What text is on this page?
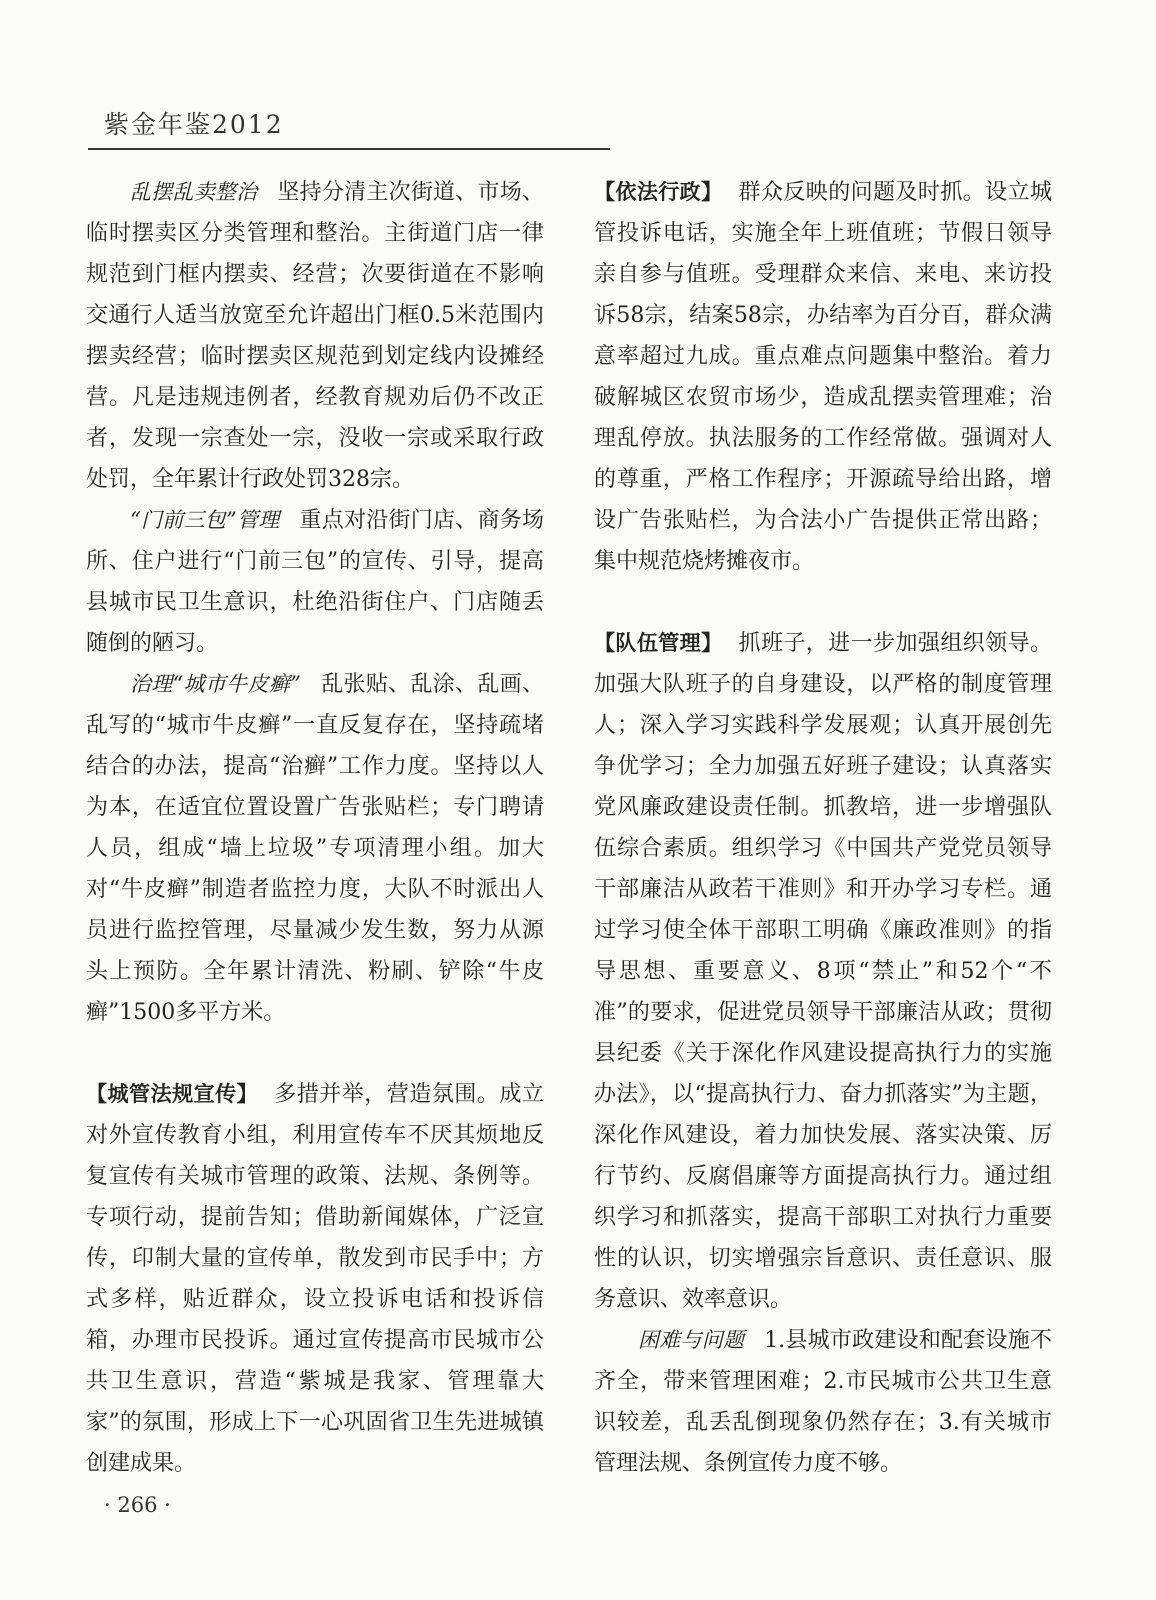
紫金年鉴2012

乱摆乱卖整治 坚持分清主次街道、市场、临时摆卖区分类管理和整治。主街道门店一律规范到门框内摆卖、经营；次要街道在不影响交通行人适当放宽至允许超出门框0.5米范围内摆卖经营；临时摆卖区规范到划定线内设摊经营。凡是违规违例者，经教育规劝后仍不改正者，发现一宗查处一宗，没收一宗或采取行政处罚，全年累计行政处罚328宗。

“门前三包”管理 重点对沿街门店、商务场所、住户进行“门前三包”的宣传、引导，提高县城市民卫生意识，杜绝沿街住户、门店随丢随倒的陋习。

治理“城市牛皮癣” 乱张贴、乱涂、乱画、乱写的“城市牛皮癣”一直反复存在，坚持疏堵结合的办法，提高“治癣”工作力度。坚持以人为本，在适宜位置设置广告张贴栏；专门聘请人员，组成“墙上垃圾”专项清理小组。加大对“牛皮癣”制造者监控力度，大队不时派出人员进行监控管理，尽量减少发生数，努力从源头上预防。全年累计清洗、粉刷、铲除“牛皮癣”1500多平方米。

【城管法规宣传】 多措并举，营造氛围。成立对外宣传教育小组，利用宣传车不厌其烦地反复宣传有关城市管理的政策、法规、条例等。专项行动，提前告知；借助新闻媒体，广泛宣传，印制大量的宣传单，散发到市民手中；方式多样，贴近群众，设立投诉电话和投诉信箱，办理市民投诉。通过宣传提高市民城市公共卫生意识，营造“紫城是我家、管理靠大家”的氛围，形成上下一心巩固省卫生先进城镇创建成果。

【依法行政】 群众反映的问题及时抓。设立城管投诉电话，实施全年上班值班；节假日领导亲自参与值班。受理群众来信、来电、来访投诉58宗，结案58宗，办结率为百分百，群众满意率超过九成。重点难点问题集中整治。着力破解城区农贸市场少，造成乱摆卖管理难；治理乱停放。执法服务的工作经常做。强调对人的尊重，严格工作程序；开源疏导给出路，增设广告张贴栏，为合法小广告提供正常出路；集中规范烧烤摊夜市。

【队伍管理】 抓班子，进一步加强组织领导。加强大队班子的自身建设，以严格的制度管理人；深入学习实践科学发展观；认真开展创先争优学习；全力加强五好班子建设；认真落实党风廉政建设责任制。抓教培，进一步增强队伍综合素质。组织学习《中国共产党党员领导干部廉洁从政若干准则》和开办学习专栏。通过学习使全体干部职工明确《廉政准则》的指导思想、重要意义、8项“禁止”和52个“不准”的要求，促进党员领导干部廉洁从政；贯彻县纪委《关于深化作风建设提高执行力的实施办法》，以“提高执行力、奋力抓落实”为主题，深化作风建设，着力加快发展、落实决策、厉行节约、反腐倡廉等方面提高执行力。通过组织学习和抓落实，提高干部职工对执行力重要性的认识，切实增强宗旨意识、责任意识、服务意识、效率意识。

困难与问题 1.县城市政建设和配套设施不齐全，带来管理困难；2.市民城市公共卫生意识较差，乱丢乱倒现象仍然存在；3.有关城市管理法规、条例宣传力度不够。

· 266 ·
